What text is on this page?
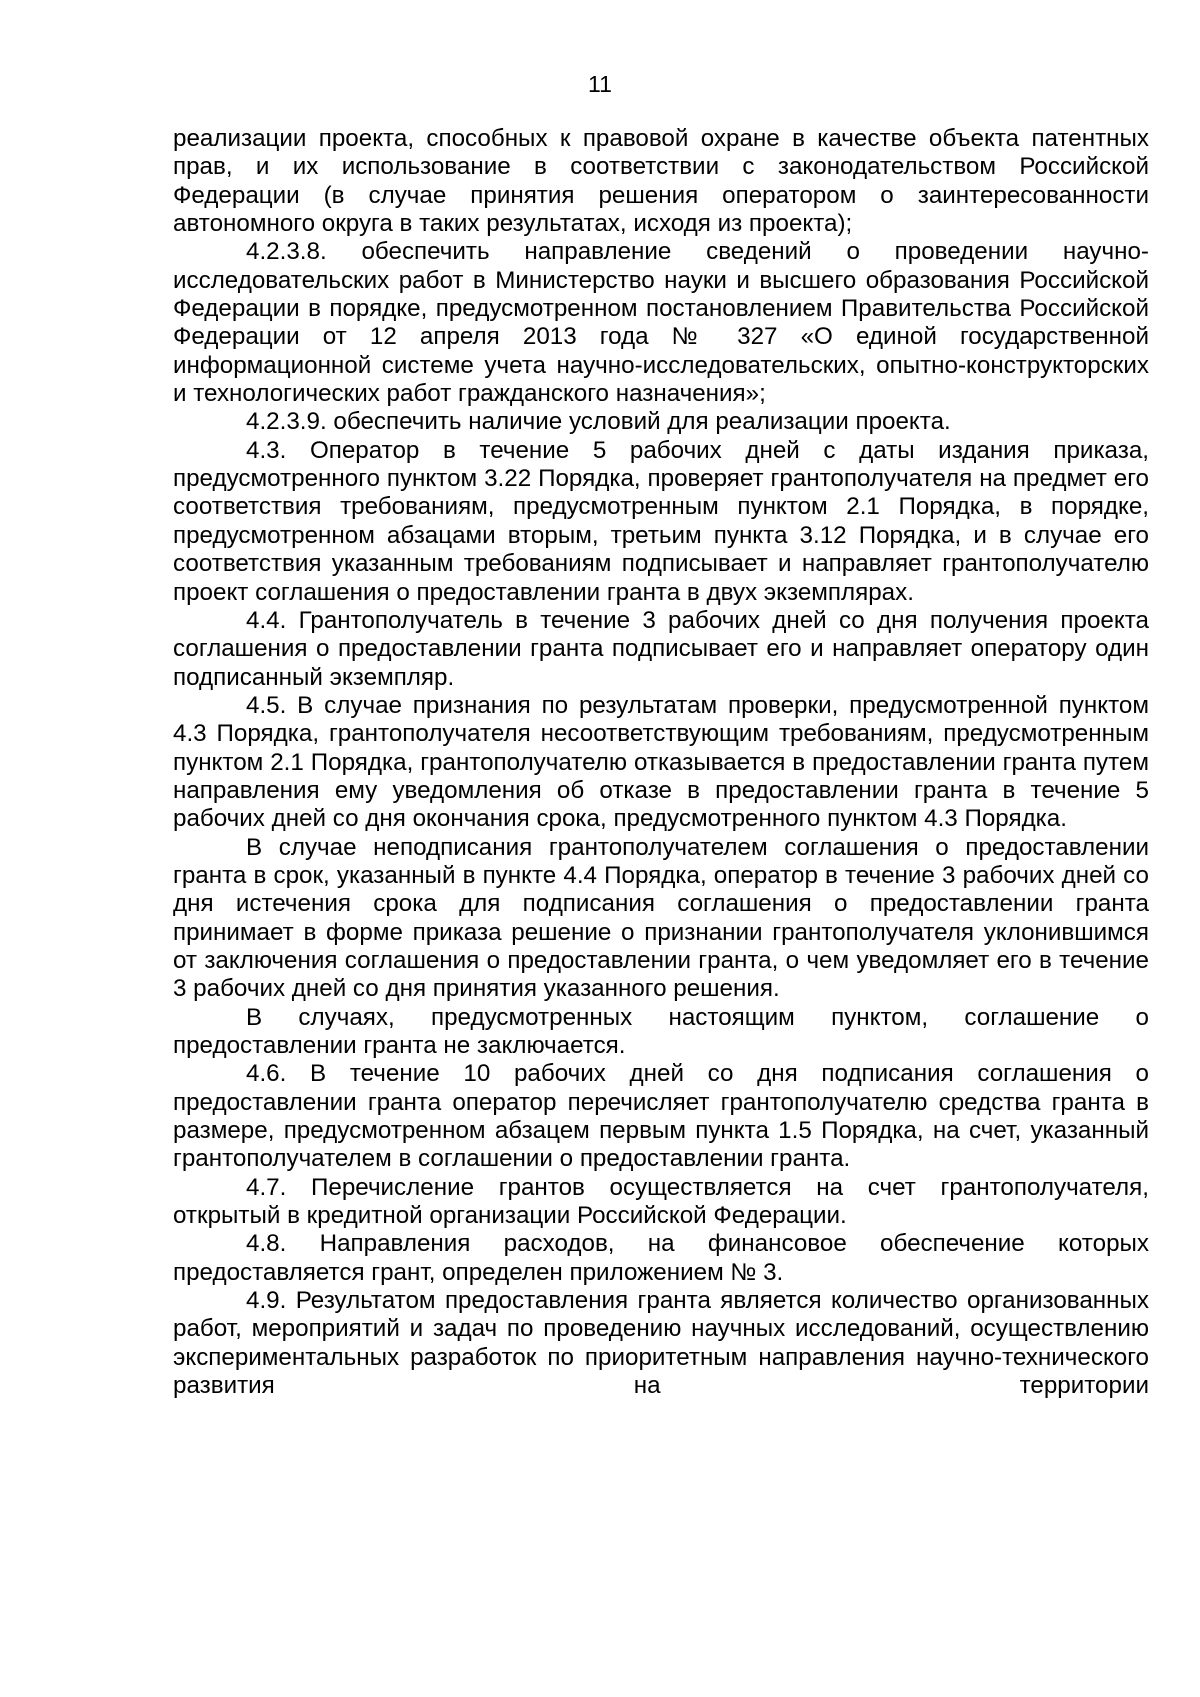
11

реализации проекта, способных к правовой охране в качестве объекта патентных прав, и их использование в соответствии с законодательством Российской Федерации (в случае принятия решения оператором о заинтересованности автономного округа в таких результатах, исходя из проекта);

4.2.3.8. обеспечить направление сведений о проведении научно-исследовательских работ в Министерство науки и высшего образования Российской Федерации в порядке, предусмотренном постановлением Правительства Российской Федерации от 12 апреля 2013 года № 327 «О единой государственной информационной системе учета научно-исследовательских, опытно-конструкторских и технологических работ гражданского назначения»;

4.2.3.9. обеспечить наличие условий для реализации проекта.

4.3. Оператор в течение 5 рабочих дней с даты издания приказа, предусмотренного пунктом 3.22 Порядка, проверяет грантополучателя на предмет его соответствия требованиям, предусмотренным пунктом 2.1 Порядка, в порядке, предусмотренном абзацами вторым, третьим пункта 3.12 Порядка, и в случае его соответствия указанным требованиям подписывает и направляет грантополучателю проект соглашения о предоставлении гранта в двух экземплярах.

4.4. Грантополучатель в течение 3 рабочих дней со дня получения проекта соглашения о предоставлении гранта подписывает его и направляет оператору один подписанный экземпляр.

4.5. В случае признания по результатам проверки, предусмотренной пунктом 4.3 Порядка, грантополучателя несоответствующим требованиям, предусмотренным пунктом 2.1 Порядка, грантополучателю отказывается в предоставлении гранта путем направления ему уведомления об отказе в предоставлении гранта в течение 5 рабочих дней со дня окончания срока, предусмотренного пунктом 4.3 Порядка.

В случае неподписания грантополучателем соглашения о предоставлении гранта в срок, указанный в пункте 4.4 Порядка, оператор в течение 3 рабочих дней со дня истечения срока для подписания соглашения о предоставлении гранта принимает в форме приказа решение о признании грантополучателя уклонившимся от заключения соглашения о предоставлении гранта, о чем уведомляет его в течение 3 рабочих дней со дня принятия указанного решения.

В случаях, предусмотренных настоящим пунктом, соглашение о предоставлении гранта не заключается.

4.6. В течение 10 рабочих дней со дня подписания соглашения о предоставлении гранта оператор перечисляет грантополучателю средства гранта в размере, предусмотренном абзацем первым пункта 1.5 Порядка, на счет, указанный грантополучателем в соглашении о предоставлении гранта.

4.7. Перечисление грантов осуществляется на счет грантополучателя, открытый в кредитной организации Российской Федерации.

4.8. Направления расходов, на финансовое обеспечение которых предоставляется грант, определен приложением № 3.

4.9. Результатом предоставления гранта является количество организованных работ, мероприятий и задач по проведению научных исследований, осуществлению экспериментальных разработок по приоритетным направления научно-технического развития на территории
